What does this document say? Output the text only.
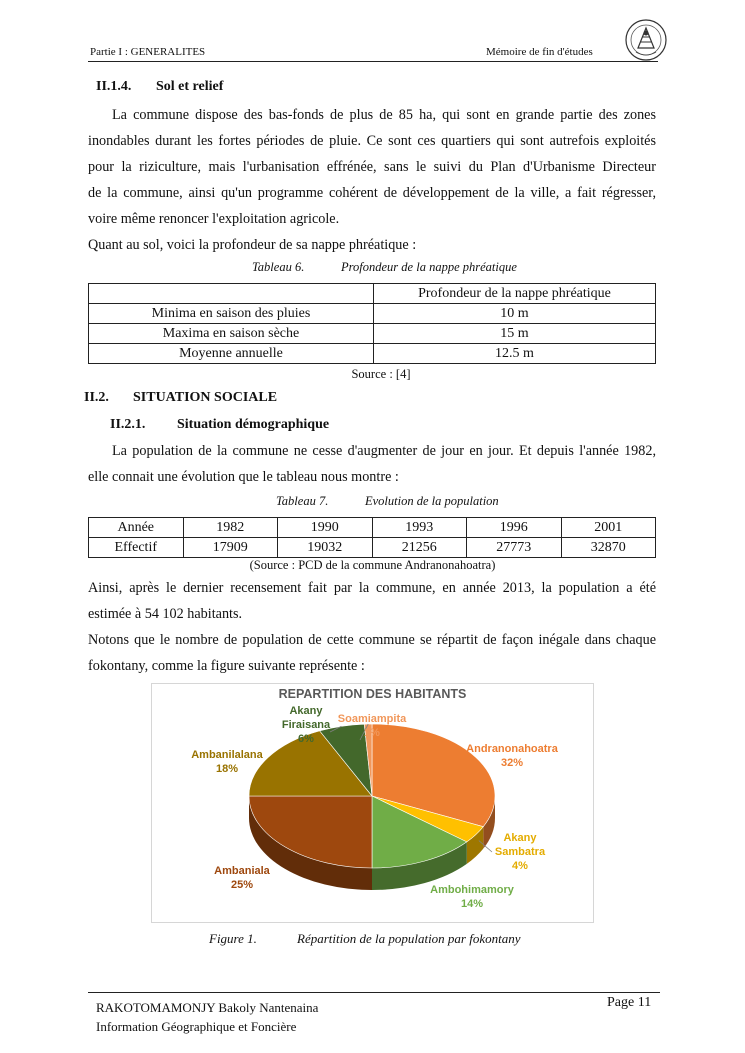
Partie I : GENERALITES	Mémoire de fin d'études
II.1.4. Sol et relief
La commune dispose des bas-fonds de plus de 85 ha, qui sont en grande partie des zones
inondables durant les fortes périodes de pluie. Ce sont ces quartiers qui sont autrefois exploités
pour la riziculture, mais l'urbanisation effrénée, sans le suivi du Plan d'Urbanisme Directeur
de la commune, ainsi qu'un programme cohérent de développement de la ville, a fait régresser,
voire même renoncer l'exploitation agricole.
Quant au sol, voici la profondeur de sa nappe phréatique :
Tableau 6.	Profondeur de la nappe phréatique
	Profondeur de la nappe phréatique
Minima en saison des pluies	10 m
Maxima en saison sèche	15 m
Moyenne annuelle	12.5 m
Source : [4]
II.2. SITUATION SOCIALE
II.2.1. Situation démographique
La population de la commune ne cesse d'augmenter de jour en jour. Et depuis l'année 1982,
elle connait une évolution que le tableau nous montre :
Tableau 7.	Evolution de la population
Année	1982	1990	1993	1996	2001
Effectif	17909	19032	21256	27773	32870
(Source : PCD de la commune Andranonahoatra)
Ainsi, après le dernier recensement fait par la commune, en année 2013, la population a été
estimée à 54 102 habitants.
Notons que le nombre de population de cette commune se répartit de façon inégale dans chaque
fokontany, comme la figure suivante représente :
REPARTITION DES HABITANTS
Andranonahoatra
32%
Akany Sambatra
4%
Ambohimamory
14%
Ambaniala
25%
Ambanilalana
18%
Akany Firaisana
6%
Soamiampita
1%
Figure 1.	Répartition de la population par fokontany
RAKOTOMAMONJY Bakoly Nantenaina
Information Géographique et Foncière
Page 11
